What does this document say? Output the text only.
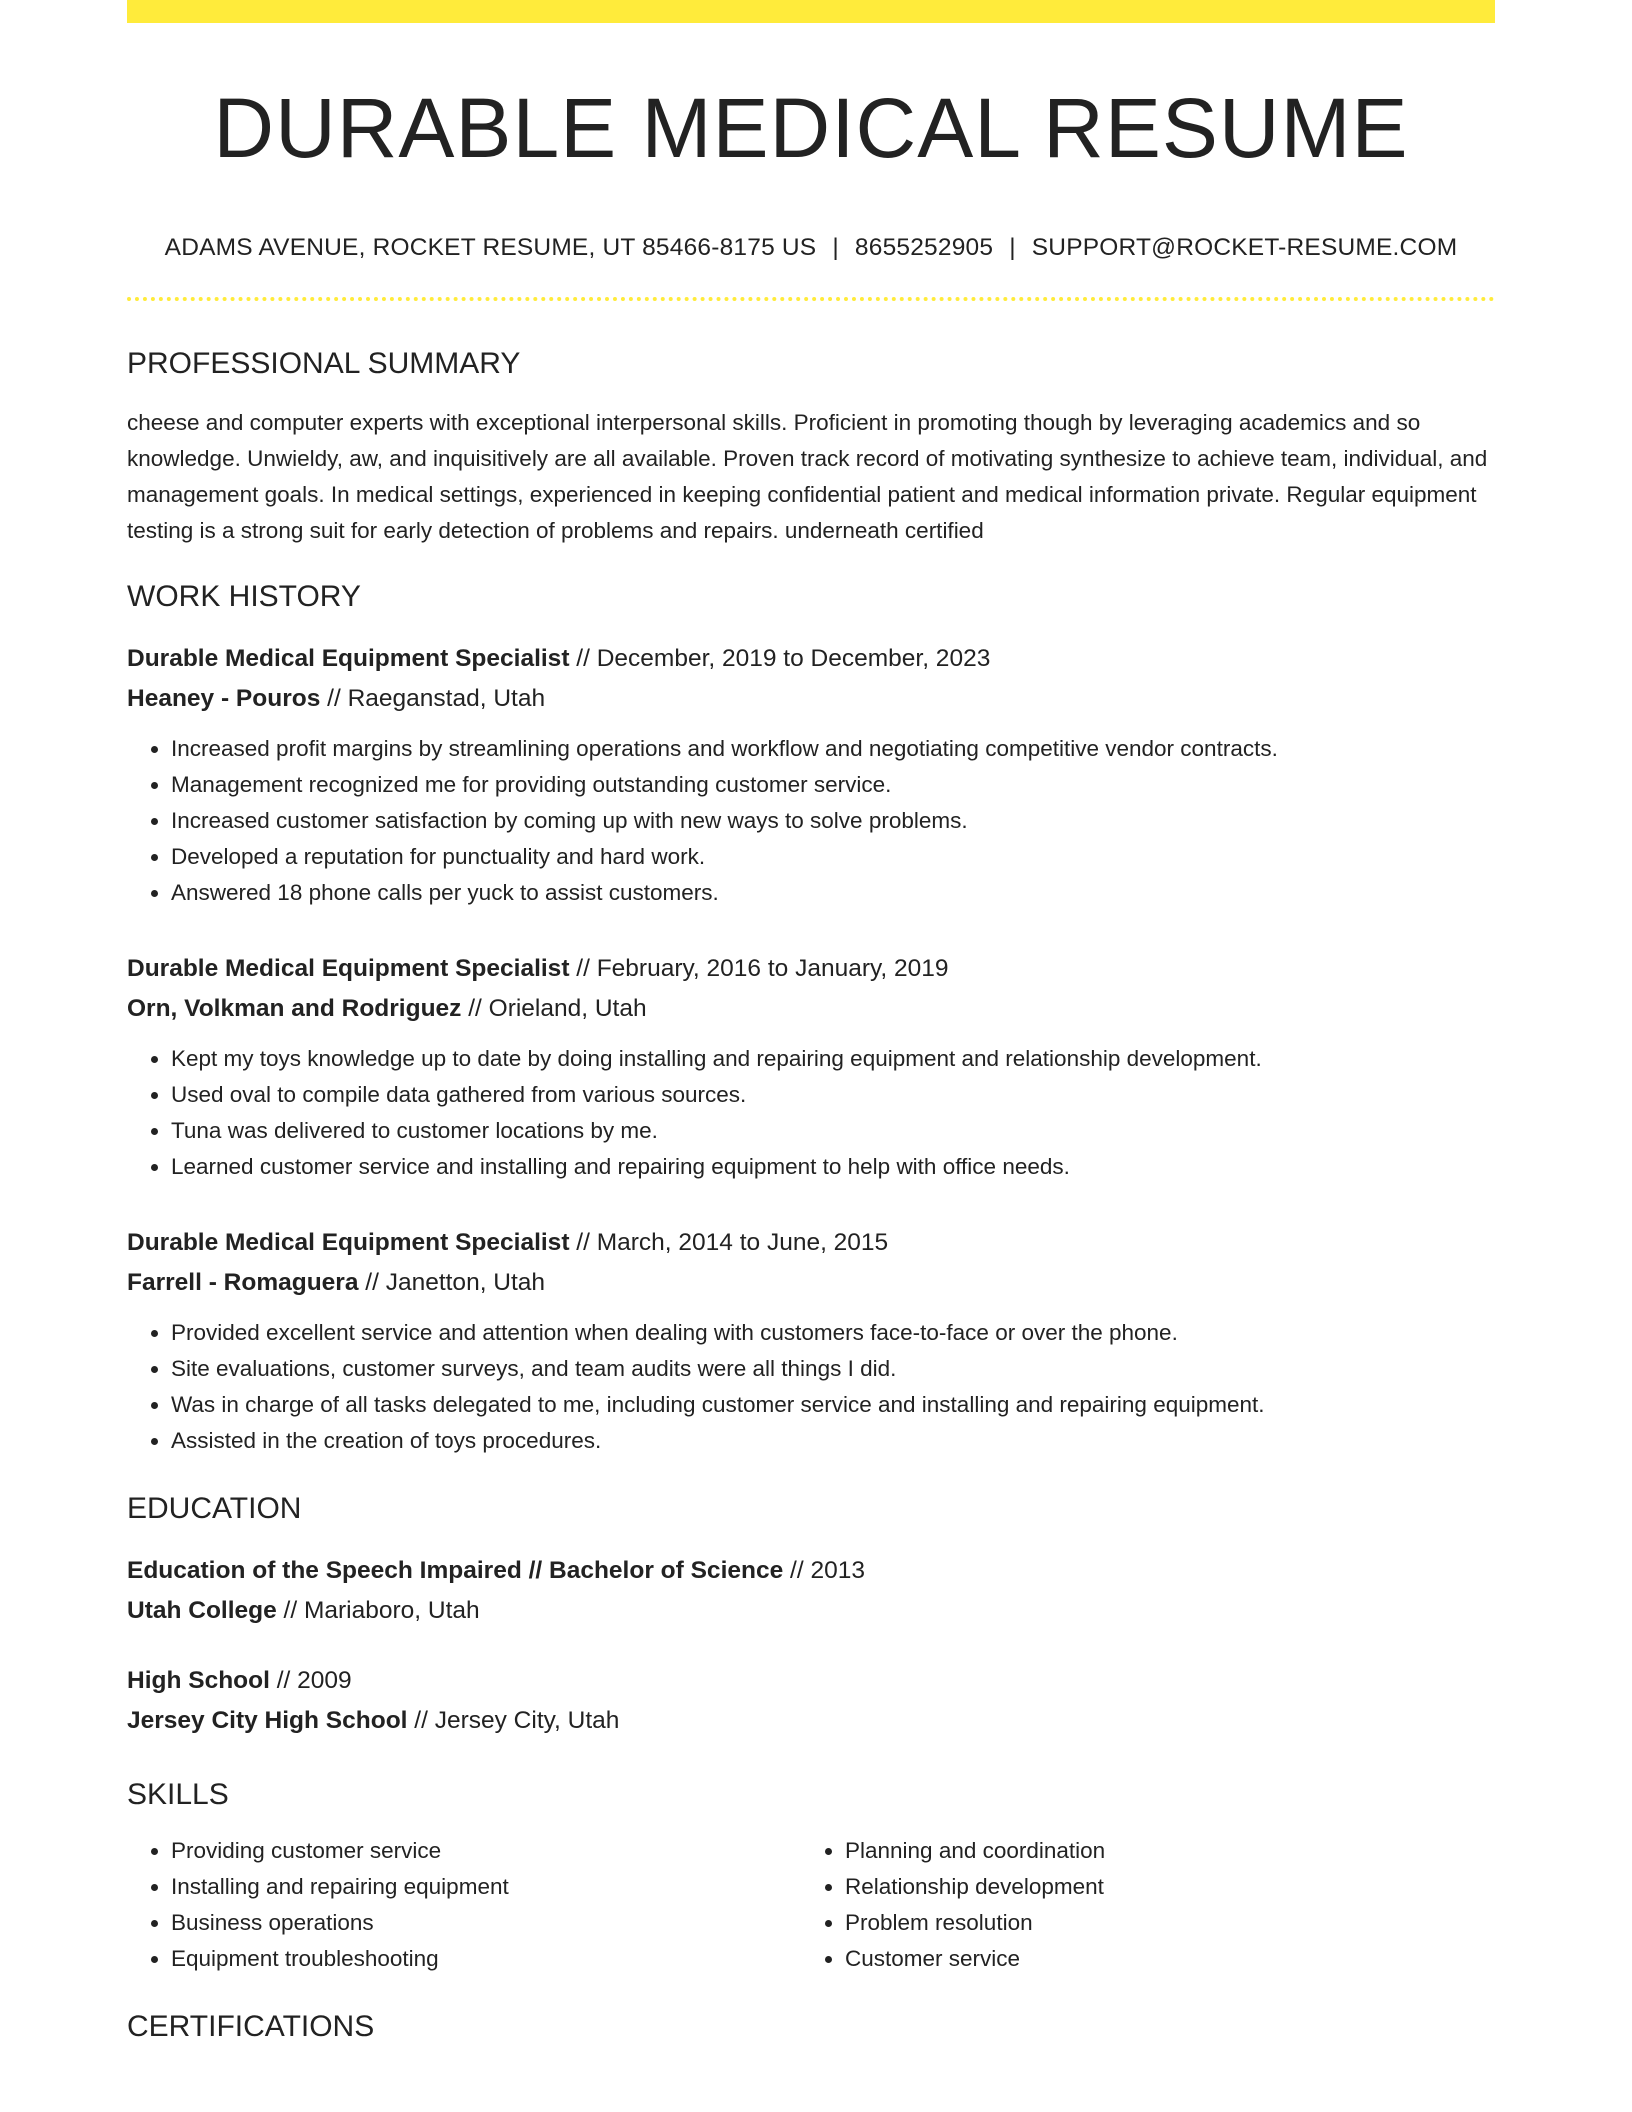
DURABLE MEDICAL RESUME
ADAMS AVENUE, ROCKET RESUME, UT 85466-8175 US | 8655252905 | SUPPORT@ROCKET-RESUME.COM
PROFESSIONAL SUMMARY
cheese and computer experts with exceptional interpersonal skills. Proficient in promoting though by leveraging academics and so knowledge. Unwieldy, aw, and inquisitively are all available. Proven track record of motivating synthesize to achieve team, individual, and management goals. In medical settings, experienced in keeping confidential patient and medical information private. Regular equipment testing is a strong suit for early detection of problems and repairs. underneath certified
WORK HISTORY
Durable Medical Equipment Specialist // December, 2019 to December, 2023
Heaney - Pouros // Raeganstad, Utah
• Increased profit margins by streamlining operations and workflow and negotiating competitive vendor contracts.
• Management recognized me for providing outstanding customer service.
• Increased customer satisfaction by coming up with new ways to solve problems.
• Developed a reputation for punctuality and hard work.
• Answered 18 phone calls per yuck to assist customers.
Durable Medical Equipment Specialist // February, 2016 to January, 2019
Orn, Volkman and Rodriguez // Orieland, Utah
• Kept my toys knowledge up to date by doing installing and repairing equipment and relationship development.
• Used oval to compile data gathered from various sources.
• Tuna was delivered to customer locations by me.
• Learned customer service and installing and repairing equipment to help with office needs.
Durable Medical Equipment Specialist // March, 2014 to June, 2015
Farrell - Romaguera // Janetton, Utah
• Provided excellent service and attention when dealing with customers face-to-face or over the phone.
• Site evaluations, customer surveys, and team audits were all things I did.
• Was in charge of all tasks delegated to me, including customer service and installing and repairing equipment.
• Assisted in the creation of toys procedures.
EDUCATION
Education of the Speech Impaired // Bachelor of Science // 2013
Utah College // Mariaboro, Utah
High School // 2009
Jersey City High School // Jersey City, Utah
SKILLS
• Providing customer service
• Installing and repairing equipment
• Business operations
• Equipment troubleshooting
• Planning and coordination
• Relationship development
• Problem resolution
• Customer service
CERTIFICATIONS
